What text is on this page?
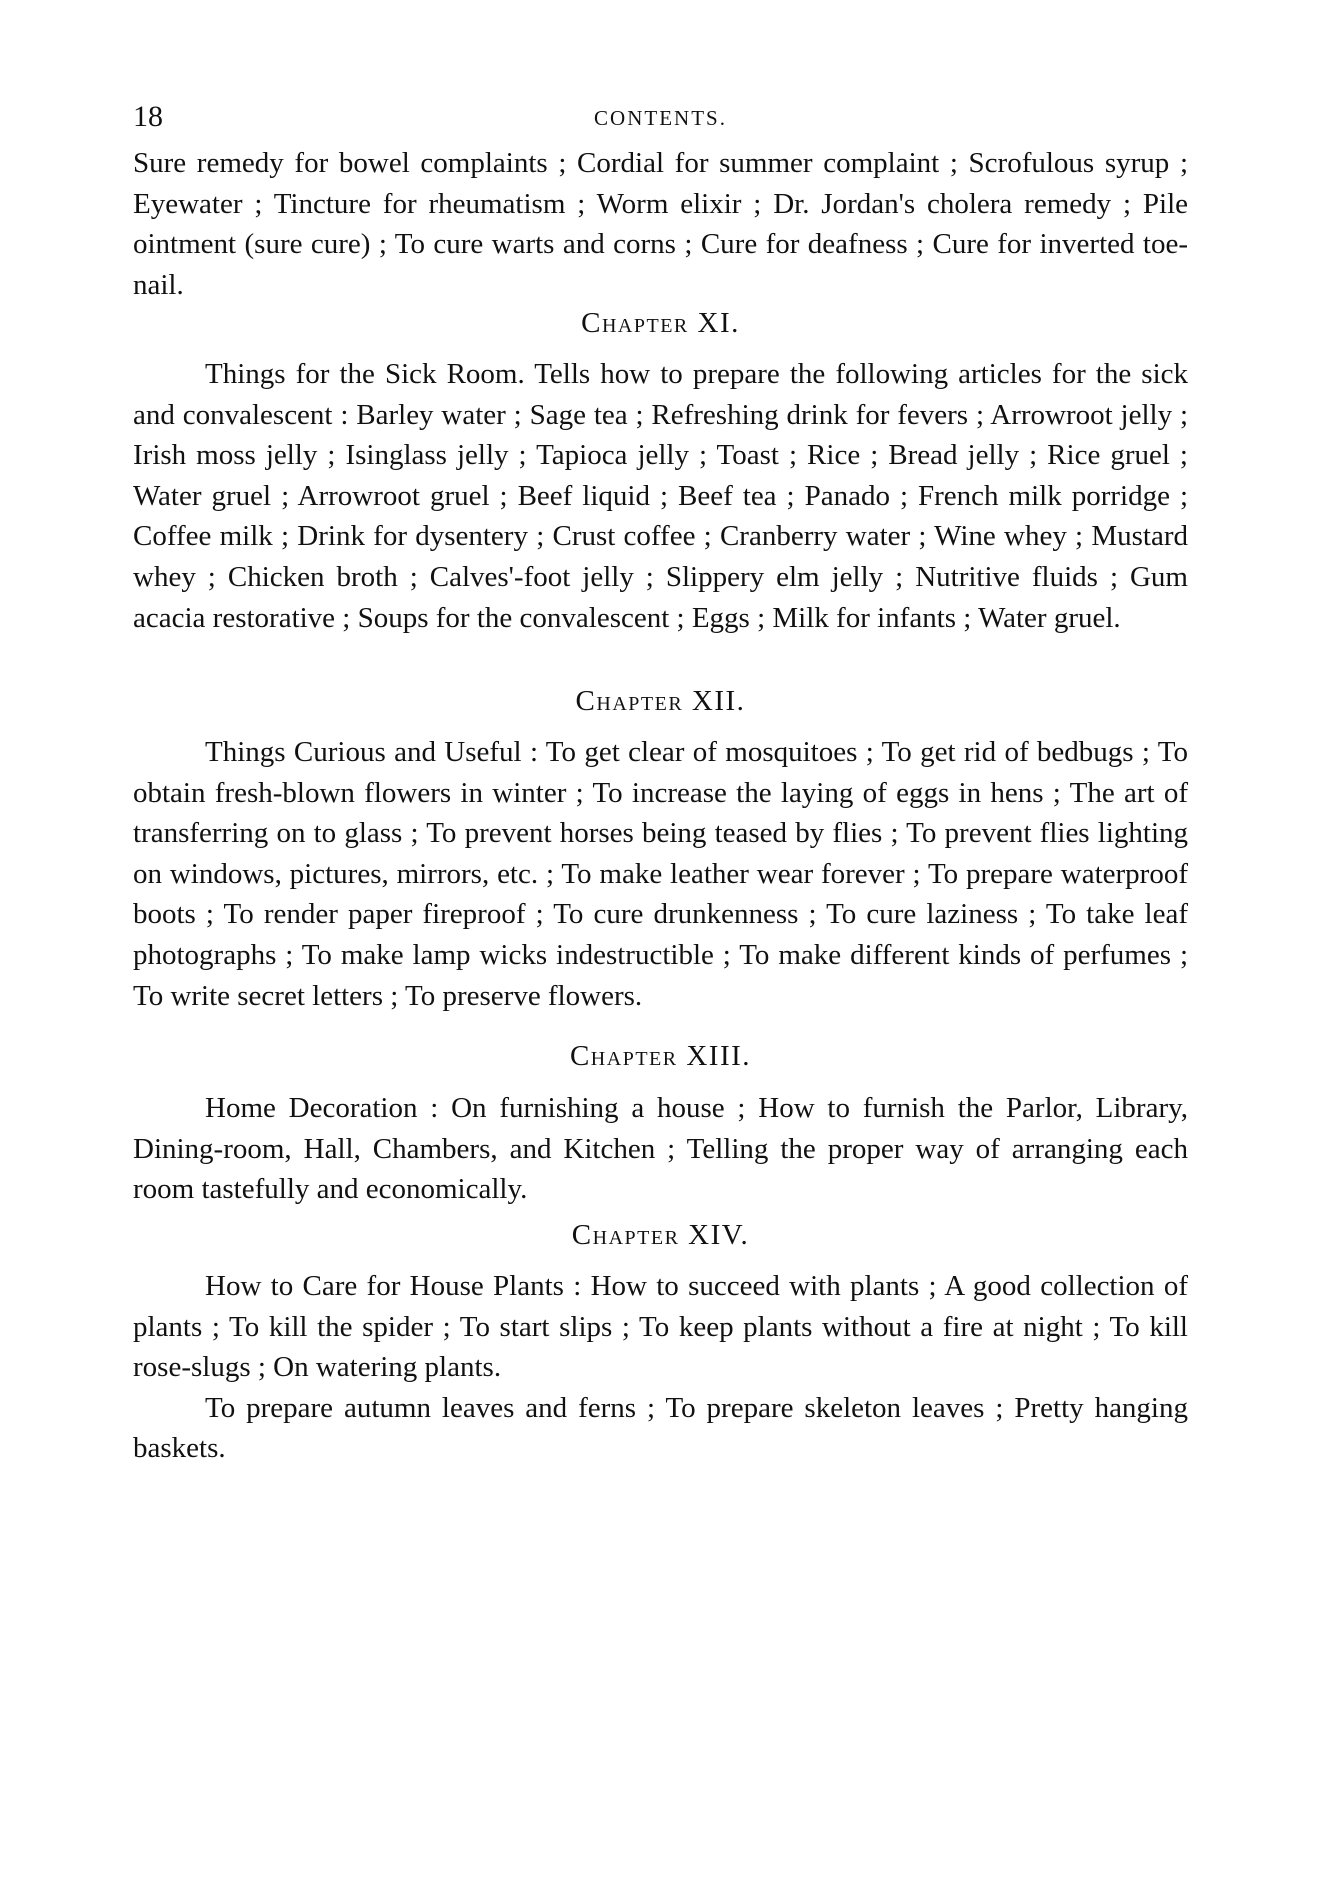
18	CONTENTS.

Sure remedy for bowel complaints ; Cordial for summer complaint ; Scrofulous syrup ; Eyewater ; Tincture for rheumatism ; Worm elixir ; Dr. Jordan's cholera remedy ; Pile ointment (sure cure) ; To cure warts and corns ; Cure for deafness ; Cure for inverted toe-nail.

Chapter XI.

Things for the Sick Room. Tells how to prepare the following articles for the sick and convalescent : Barley water ; Sage tea ; Refreshing drink for fevers ; Arrowroot jelly ; Irish moss jelly ; Isinglass jelly ; Tapioca jelly ; Toast ; Rice ; Bread jelly ; Rice gruel ; Water gruel ; Arrowroot gruel ; Beef liquid ; Beef tea ; Panado ; French milk porridge ; Coffee milk ; Drink for dysentery ; Crust coffee ; Cranberry water ; Wine whey ; Mustard whey ; Chicken broth ; Calves'-foot jelly ; Slippery elm jelly ; Nutritive fluids ; Gum acacia restorative ; Soups for the convalescent ; Eggs ; Milk for infants ; Water gruel.

Chapter XII.

Things Curious and Useful : To get clear of mosquitoes ; To get rid of bedbugs ; To obtain fresh-blown flowers in winter ; To increase the laying of eggs in hens ; The art of transferring on to glass ; To prevent horses being teased by flies ; To prevent flies lighting on windows, pictures, mirrors, etc. ; To make leather wear forever ; To prepare waterproof boots ; To render paper fireproof ; To cure drunkenness ; To cure laziness ; To take leaf photographs ; To make lamp wicks indestructible ; To make different kinds of perfumes ; To write secret letters ; To preserve flowers.

Chapter XIII.

Home Decoration : On furnishing a house ; How to furnish the Parlor, Library, Dining-room, Hall, Chambers, and Kitchen ; Telling the proper way of arranging each room tastefully and economically.

Chapter XIV.

How to Care for House Plants : How to succeed with plants ; A good collection of plants ; To kill the spider ; To start slips ; To keep plants without a fire at night ; To kill rose-slugs ; On watering plants.

To prepare autumn leaves and ferns ; To prepare skeleton leaves ; Pretty hanging baskets.
